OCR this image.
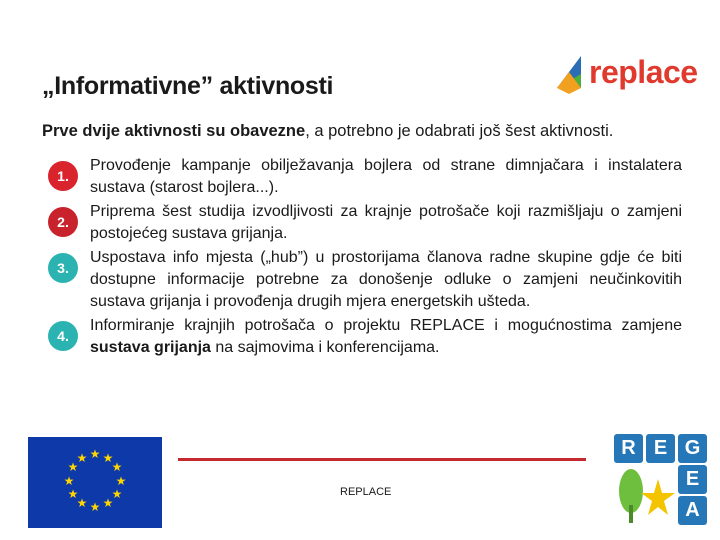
„Informativne” aktivnosti	replace
Prve dvije aktivnosti su obavezne, a potrebno je odabrati još šest aktivnosti.
1.
Provođenje kampanje obilježavanja bojlera od strane dimnjačara i instalatera sustava (starost bojlera...).
2.
Priprema šest studija izvodljivosti za krajnje potrošače koji razmišljaju o zamjeni postojećeg sustava grijanja.
3.
Uspostava info mjesta („hub”) u prostorijama članova radne skupine gdje će biti dostupne informacije potrebne za donošenje odluke o zamjeni neučinkovitih sustava grijanja i provođenja drugih mjera energetskih ušteda.
4.
Informiranje krajnjih potrošača o projektu REPLACE i mogućnostima zamjene sustava grijanja na sajmovima i konferencijama.
★ ★
★
★
★
★
★
★
★
★
★
★
REPLACE
R E G
E
A
